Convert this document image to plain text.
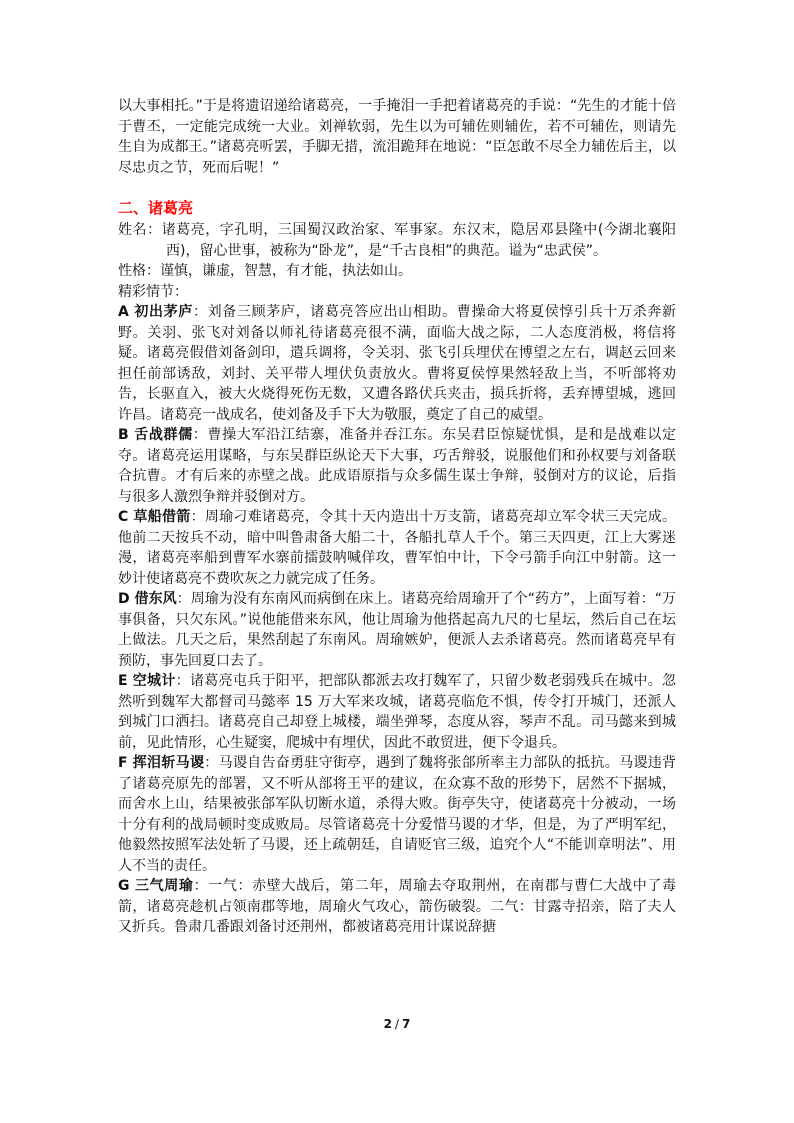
以大事相托。”于是将遗诏递给诸葛亮，一手掩泪一手把着诸葛亮的手说：“先生的才能十倍于曹丕，一定能完成统一大业。刘禅软弱，先生以为可辅佐则辅佐，若不可辅佐，则请先生自为成都王。”诸葛亮听罢，手脚无措，流泪跪拜在地说：“臣怎敢不尽全力辅佐后主，以尽忠贞之节，死而后呢！”

二、诸葛亮

姓名：诸葛亮，字孔明，三国蜀汉政治家、军事家。东汉末，隐居邓县隆中(今湖北襄阳西)，留心世事，被称为“卧龙”，是“千古良相”的典范。谥为“忠武侯”。

性格：谨慎，谦虚，智慧，有才能，执法如山。

精彩情节：

A 初出茅庐：刘备三顾茅庐，诸葛亮答应出山相助。曹操命大将夏侯惇引兵十万杀奔新野。关羽、张飞对刘备以师礼待诸葛亮很不满，面临大战之际，二人态度消极，将信将疑。诸葛亮假借刘备剑印，遣兵调将，令关羽、张飞引兵埋伏在博望之左右，调赵云回来担任前部诱敌，刘封、关平带人埋伏负责放火。曹将夏侯惇果然轻敌上当，不听部将劝告，长驱直入，被大火烧得死伤无数，又遭各路伏兵夹击，损兵折将，丢弃博望城，逃回许昌。诸葛亮一战成名，使刘备及手下大为敬服，奠定了自己的威望。

B 舌战群儒：曹操大军沿江结寨，准备并吞江东。东吴君臣惊疑忧惧，是和是战难以定夺。诸葛亮运用谋略，与东吴群臣纵论天下大事，巧舌辩驳，说服他们和孙权要与刘备联合抗曹。才有后来的赤壁之战。此成语原指与众多儒生谋士争辩，驳倒对方的议论，后指与很多人激烈争辩并驳倒对方。

C 草船借箭：周瑜刁难诸葛亮，令其十天内造出十万支箭，诸葛亮却立军令状三天完成。他前二天按兵不动，暗中叫鲁肃备大船二十，各船扎草人千个。第三天四更，江上大雾迷漫，诸葛亮率船到曹军水寨前擂鼓呐喊佯攻，曹军怕中计，下令弓箭手向江中射箭。这一妙计使诸葛亮不费吹灰之力就完成了任务。

D 借东风：周瑜为没有东南风而病倒在床上。诸葛亮给周瑜开了个“药方”，上面写着：“万事俱备，只欠东风。”说他能借来东风，他让周瑜为他搭起高九尺的七星坛，然后自己在坛上做法。几天之后，果然刮起了东南风。周瑜嫉妒，便派人去杀诸葛亮。然而诸葛亮早有预防，事先回夏口去了。

E 空城计：诸葛亮屯兵于阳平，把部队都派去攻打魏军了，只留少数老弱残兵在城中。忽然听到魏军大都督司马懿率 15 万大军来攻城，诸葛亮临危不惧，传令打开城门，还派人到城门口洒扫。诸葛亮自己却登上城楼，端坐弹琴，态度从容，琴声不乱。司马懿来到城前，见此情形，心生疑窦，爬城中有埋伏，因此不敢贸进，便下令退兵。

F 挥泪斩马谡：马谡自告奋勇驻守街亭，遇到了魏将张郃所率主力部队的抵抗。马谡违背了诸葛亮原先的部署，又不听从部将王平的建议，在众寡不敌的形势下，居然不下据城，而舍水上山，结果被张郃军队切断水道，杀得大败。街亭失守，使诸葛亮十分被动，一场十分有利的战局顿时变成败局。尽管诸葛亮十分爱惜马谡的才华，但是，为了严明军纪，他毅然按照军法处斩了马谡，还上疏朝廷，自请贬官三级，追究个人“不能训章明法”、用人不当的责任。

G 三气周瑜：一气：赤壁大战后，第二年，周瑜去夺取荆州，在南郡与曹仁大战中了毒箭，诸葛亮趁机占领南郡等地，周瑜火气攻心，箭伤破裂。二气：甘露寺招亲，陪了夫人又折兵。鲁肃几番跟刘备讨还荆州，都被诸葛亮用计谋说辞搪

2 / 7
